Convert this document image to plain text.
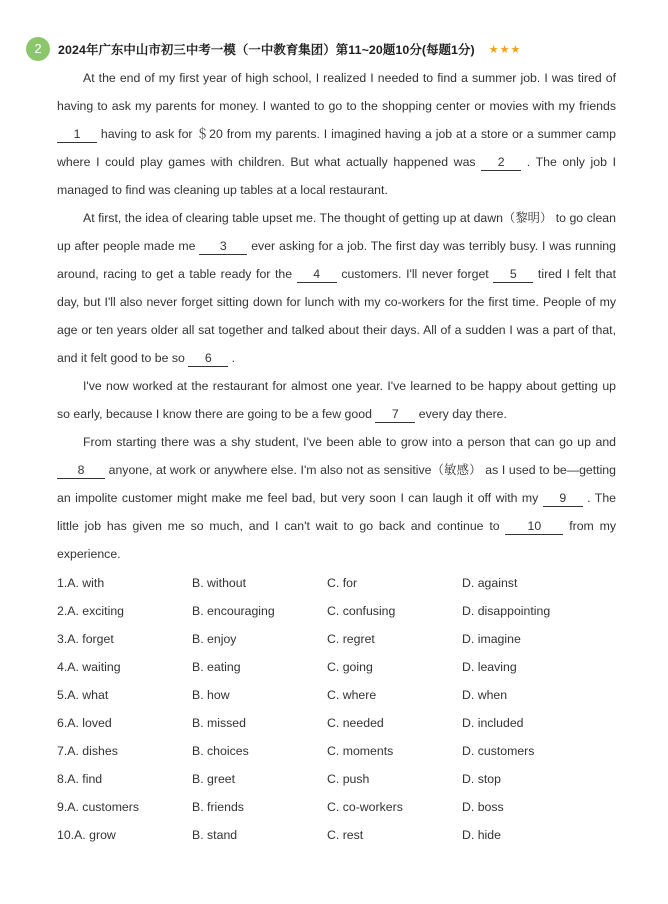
2	2024年广东中山市初三中考一模（一中教育集团）第11~20题10分(每题1分) ★★★

At the end of my first year of high school, I realized I needed to find a summer job. I was tired of having to ask my parents for money. I wanted to go to the shopping center or movies with my friends 1 having to ask for ＄20 from my parents. I imagined having a job at a store or a summer camp where I could play games with children. But what actually happened was 2 . The only job I managed to find was cleaning up tables at a local restaurant.

At first, the idea of clearing table upset me. The thought of getting up at dawn（黎明） to go clean up after people made me 3 ever asking for a job. The first day was terribly busy. I was running around, racing to get a table ready for the 4 customers. I'll never forget 5 tired I felt that day, but I'll also never forget sitting down for lunch with my co-workers for the first time. People of my age or ten years older all sat together and talked about their days. All of a sudden I was a part of that, and it felt good to be so 6 .

I've now worked at the restaurant for almost one year. I've learned to be happy about getting up so early, because I know there are going to be a few good 7 every day there.

From starting there was a shy student, I've been able to grow into a person that can go up and 8 anyone, at work or anywhere else. I'm also not as sensitive（敏感） as I used to be—getting an impolite customer might make me feel bad, but very soon I can laugh it off with my 9 . The little job has given me so much, and I can't wait to go back and continue to 10 from my experience.

1.A. with	B. without	C. for	D. against
2.A. exciting	B. encouraging	C. confusing	D. disappointing
3.A. forget	B. enjoy	C. regret	D. imagine
4.A. waiting	B. eating	C. going	D. leaving
5.A. what	B. how	C. where	D. when
6.A. loved	B. missed	C. needed	D. included
7.A. dishes	B. choices	C. moments	D. customers
8.A. find	B. greet	C. push	D. stop
9.A. customers	B. friends	C. co-workers	D. boss
10.A. grow	B. stand	C. rest	D. hide
